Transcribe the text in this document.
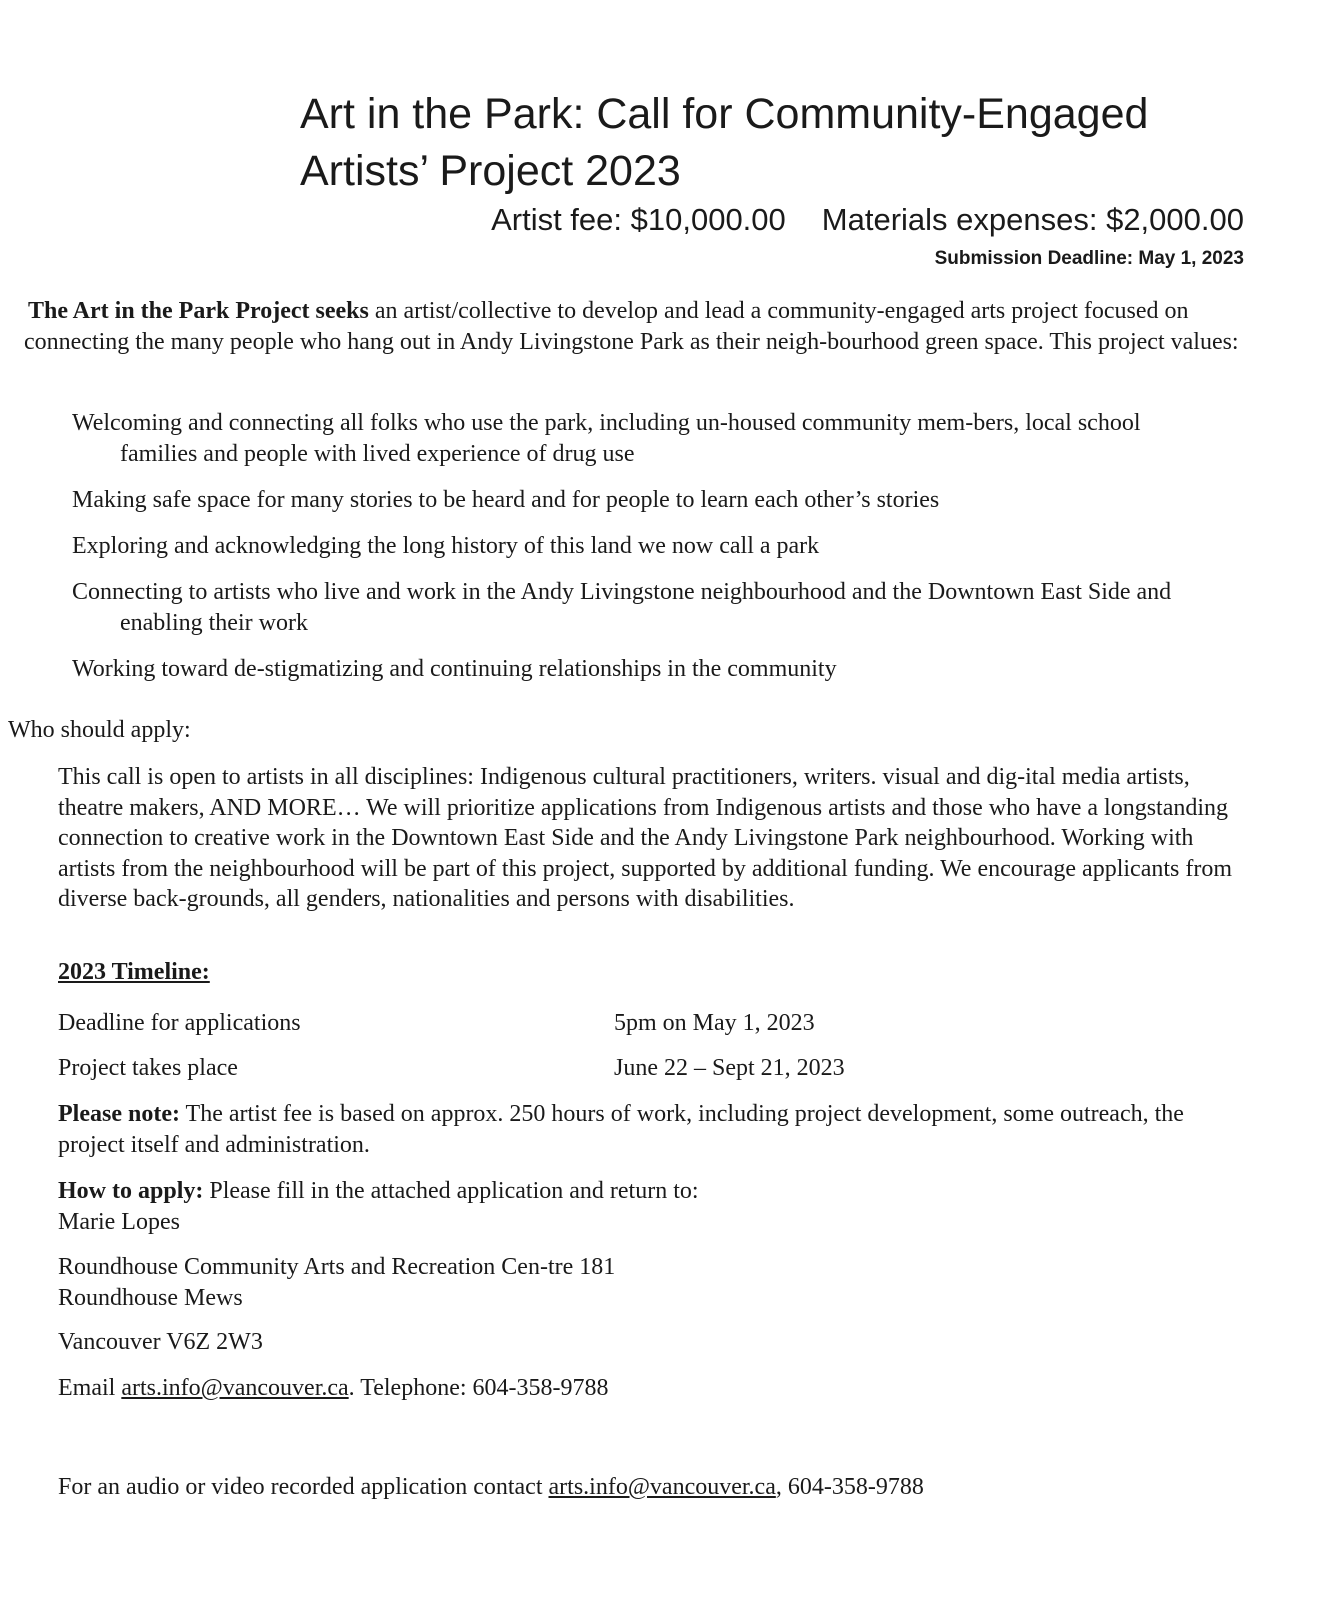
Art in the Park: Call for Community-Engaged Artists’ Project 2023
Artist fee: $10,000.00 Materials expenses: $2,000.00
Submission Deadline: May 1, 2023
The Art in the Park Project seeks an artist/collective to develop and lead a community-engaged arts project focused on connecting the many people who hang out in Andy Livingstone Park as their neigh-bourhood green space. This project values:
Welcoming and connecting all folks who use the park, including un-housed community mem-bers, local school families and people with lived experience of drug use
Making safe space for many stories to be heard and for people to learn each other’s stories
Exploring and acknowledging the long history of this land we now call a park
Connecting to artists who live and work in the Andy Livingstone neighbourhood and the Downtown East Side and enabling their work
Working toward de-stigmatizing and continuing relationships in the community
Who should apply:
This call is open to artists in all disciplines: Indigenous cultural practitioners, writers. visual and dig-ital media artists, theatre makers, AND MORE… We will prioritize applications from Indigenous artists and those who have a longstanding connection to creative work in the Downtown East Side and the Andy Livingstone Park neighbourhood. Working with artists from the neighbourhood will be part of this project, supported by additional funding. We encourage applicants from diverse back-grounds, all genders, nationalities and persons with disabilities.
2023 Timeline:
Deadline for applications	5pm on May 1, 2023
Project takes place	June 22 – Sept 21, 2023
Please note: The artist fee is based on approx. 250 hours of work, including project development, some outreach, the project itself and administration.
How to apply: Please fill in the attached application and return to:
Marie Lopes
Roundhouse Community Arts and Recreation Cen-tre 181 Roundhouse Mews
Vancouver V6Z 2W3
Email arts.info@vancouver.ca. Telephone: 604-358-9788
For an audio or video recorded application contact arts.info@vancouver.ca, 604-358-9788
